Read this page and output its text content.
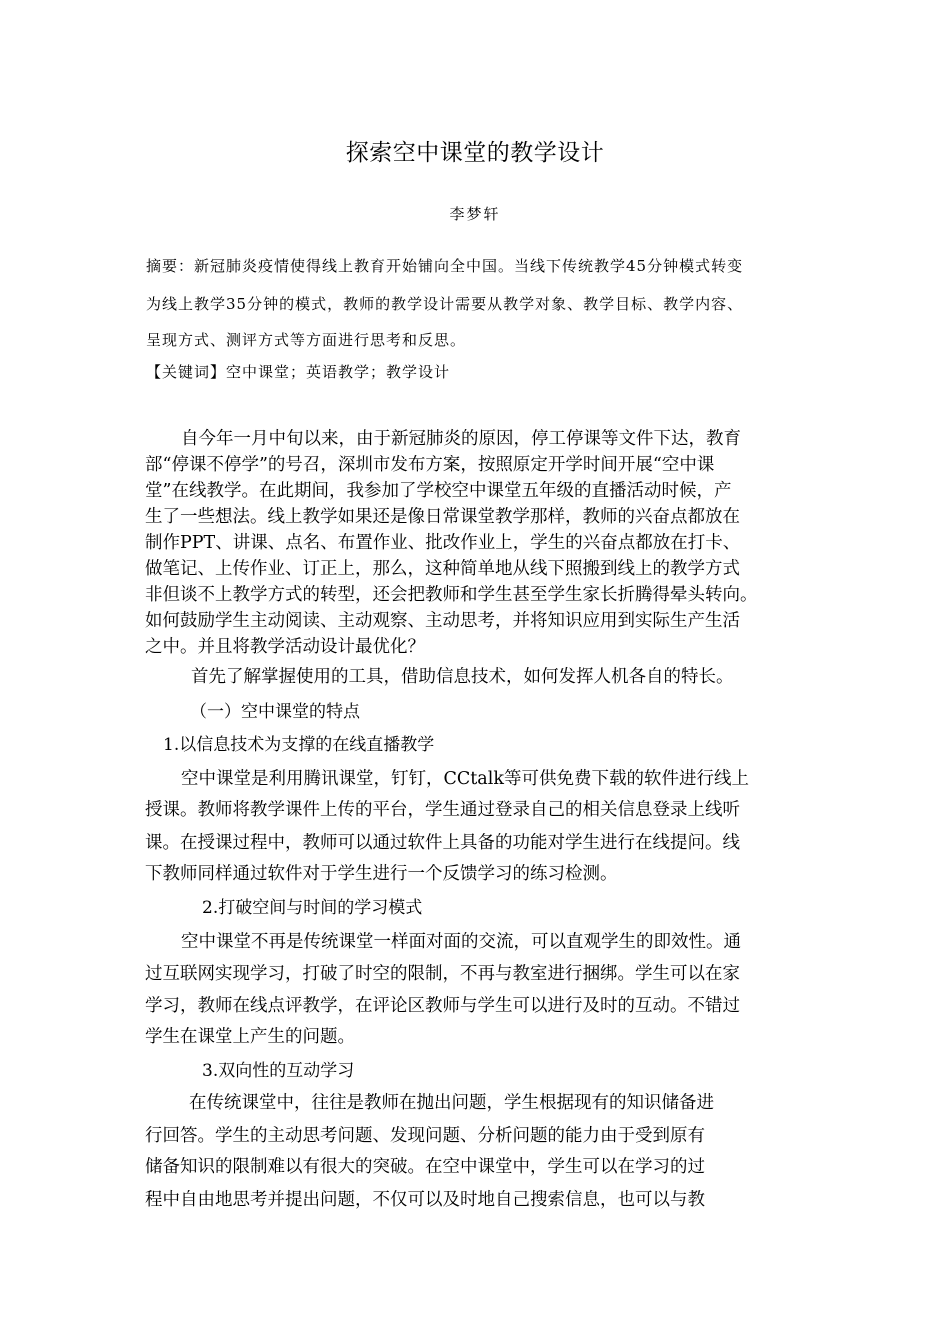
探索空中课堂的教学设计
李梦轩
摘要：新冠肺炎疫情使得线上教育开始铺向全中国。当线下传统教学45分钟模式转变
为线上教学35分钟的模式，教师的教学设计需要从教学对象、教学目标、教学内容、
呈现方式、测评方式等方面进行思考和反思。
【关键词】空中课堂；英语教学；教学设计
自今年一月中旬以来，由于新冠肺炎的原因，停工停课等文件下达，教育
部“停课不停学”的号召，深圳市发布方案，按照原定开学时间开展“空中课
堂”在线教学。在此期间，我参加了学校空中课堂五年级的直播活动时候，产
生了一些想法。线上教学如果还是像日常课堂教学那样，教师的兴奋点都放在
制作PPT、讲课、点名、布置作业、批改作业上，学生的兴奋点都放在打卡、
做笔记、上传作业、订正上，那么，这种简单地从线下照搬到线上的教学方式
非但谈不上教学方式的转型，还会把教师和学生甚至学生家长折腾得晕头转向。
如何鼓励学生主动阅读、主动观察、主动思考，并将知识应用到实际生产生活
之中。并且将教学活动设计最优化？
首先了解掌握使用的工具，借助信息技术，如何发挥人机各自的特长。
（一）空中课堂的特点
1.以信息技术为支撑的在线直播教学
空中课堂是利用腾讯课堂，钉钉，CCtalk等可供免费下载的软件进行线上
授课。教师将教学课件上传的平台，学生通过登录自己的相关信息登录上线听
课。在授课过程中，教师可以通过软件上具备的功能对学生进行在线提问。线
下教师同样通过软件对于学生进行一个反馈学习的练习检测。
2.打破空间与时间的学习模式
空中课堂不再是传统课堂一样面对面的交流，可以直观学生的即效性。通
过互联网实现学习，打破了时空的限制，不再与教室进行捆绑。学生可以在家
学习，教师在线点评教学，在评论区教师与学生可以进行及时的互动。不错过
学生在课堂上产生的问题。
3.双向性的互动学习
在传统课堂中，往往是教师在抛出问题，学生根据现有的知识储备进
行回答。学生的主动思考问题、发现问题、分析问题的能力由于受到原有
储备知识的限制难以有很大的突破。在空中课堂中，学生可以在学习的过
程中自由地思考并提出问题，不仅可以及时地自己搜索信息，也可以与教
